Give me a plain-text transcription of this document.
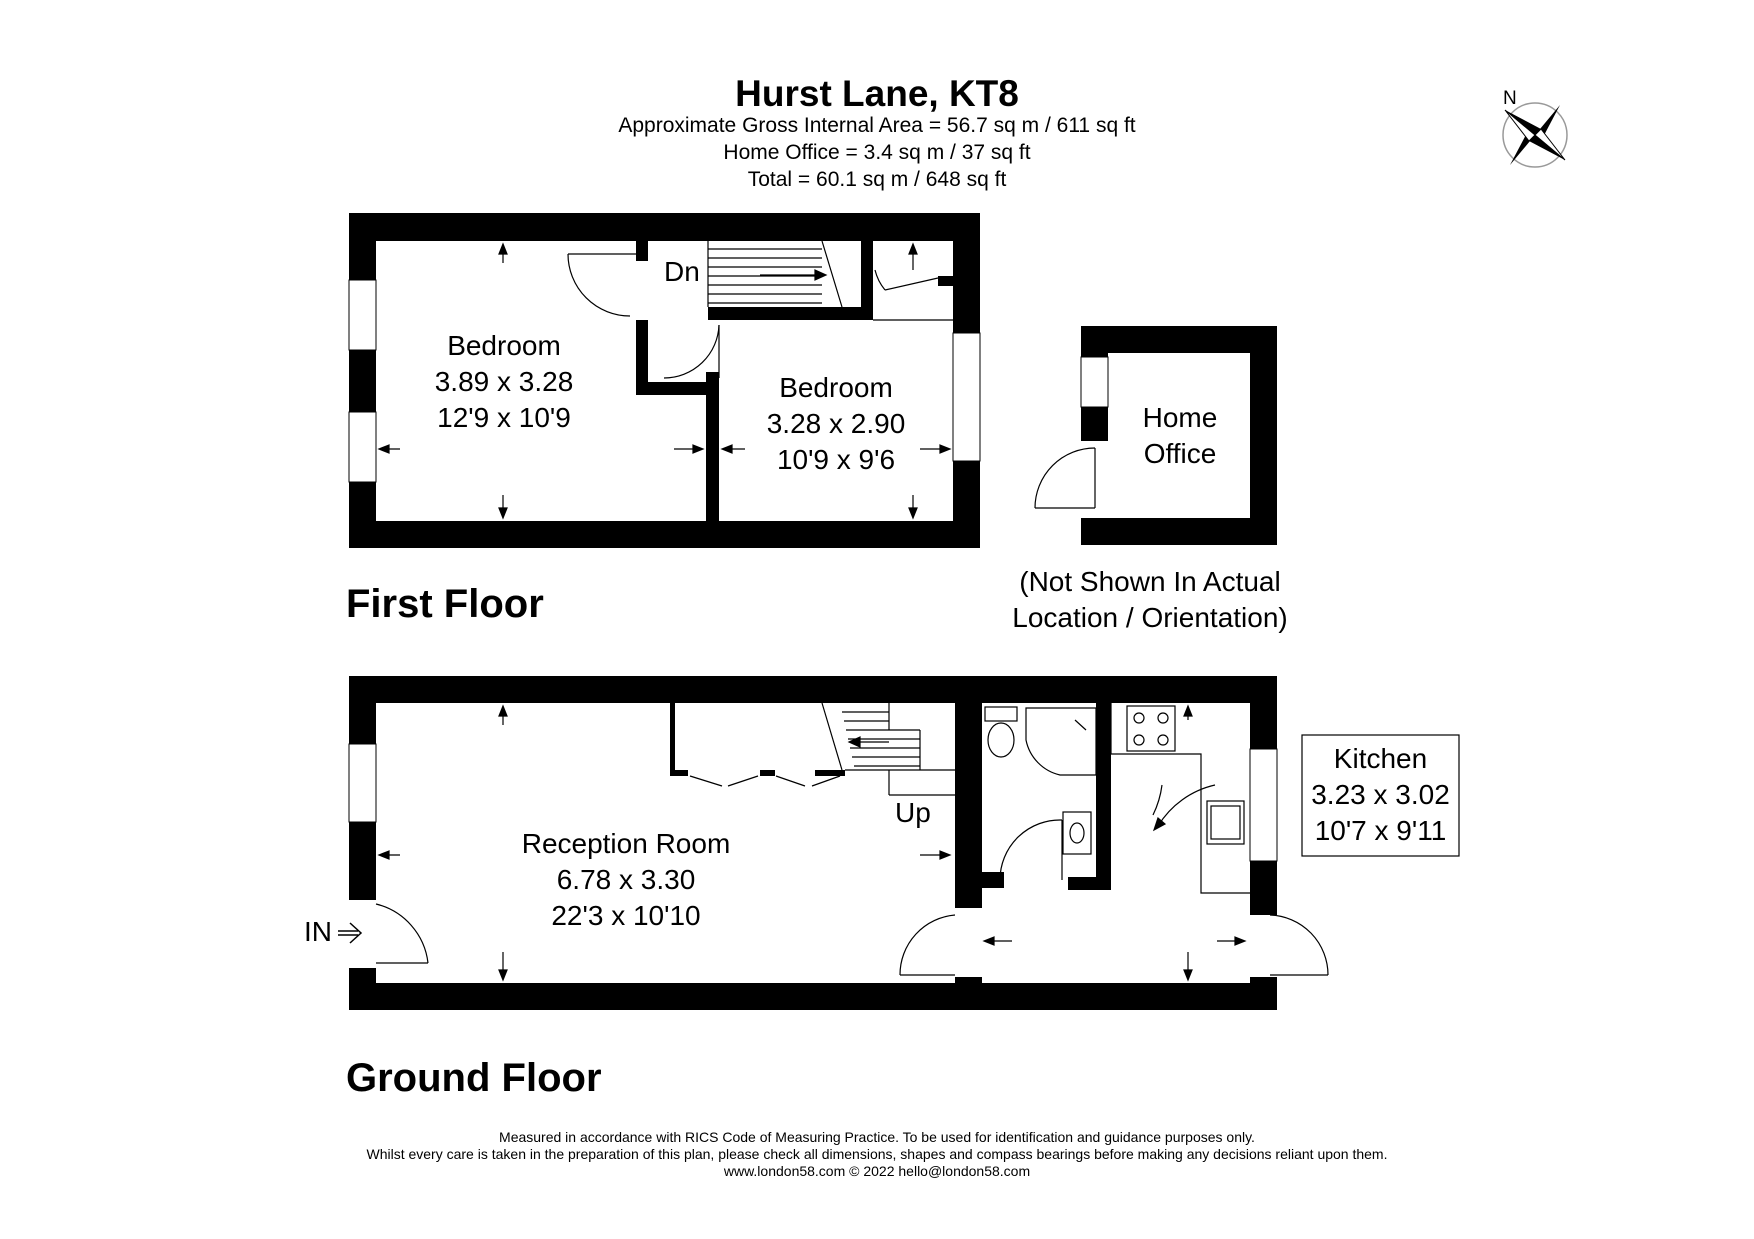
Hurst Lane, KT8
Approximate Gross Internal Area = 56.7 sq m / 611 sq ft
Home Office = 3.4 sq m / 37 sq ft
Total = 60.1 sq m / 648 sq ft
N
Bedroom
3.89 x 3.28
12'9 x 10'9
Bedroom
3.28 x 2.90
10'9 x 9'6
Dn
Home
Office
(Not Shown In Actual
Location / Orientation)
First Floor
Reception Room
6.78 x 3.30
22'3 x 10'10
Up
IN
Kitchen
3.23 x 3.02
10'7 x 9'11
Ground Floor
Measured in accordance with RICS Code of Measuring Practice. To be used for identification and guidance purposes only.
Whilst every care is taken in the preparation of this plan, please check all dimensions, shapes and compass bearings before making any decisions reliant upon them.
www.london58.com © 2022 hello@london58.com
